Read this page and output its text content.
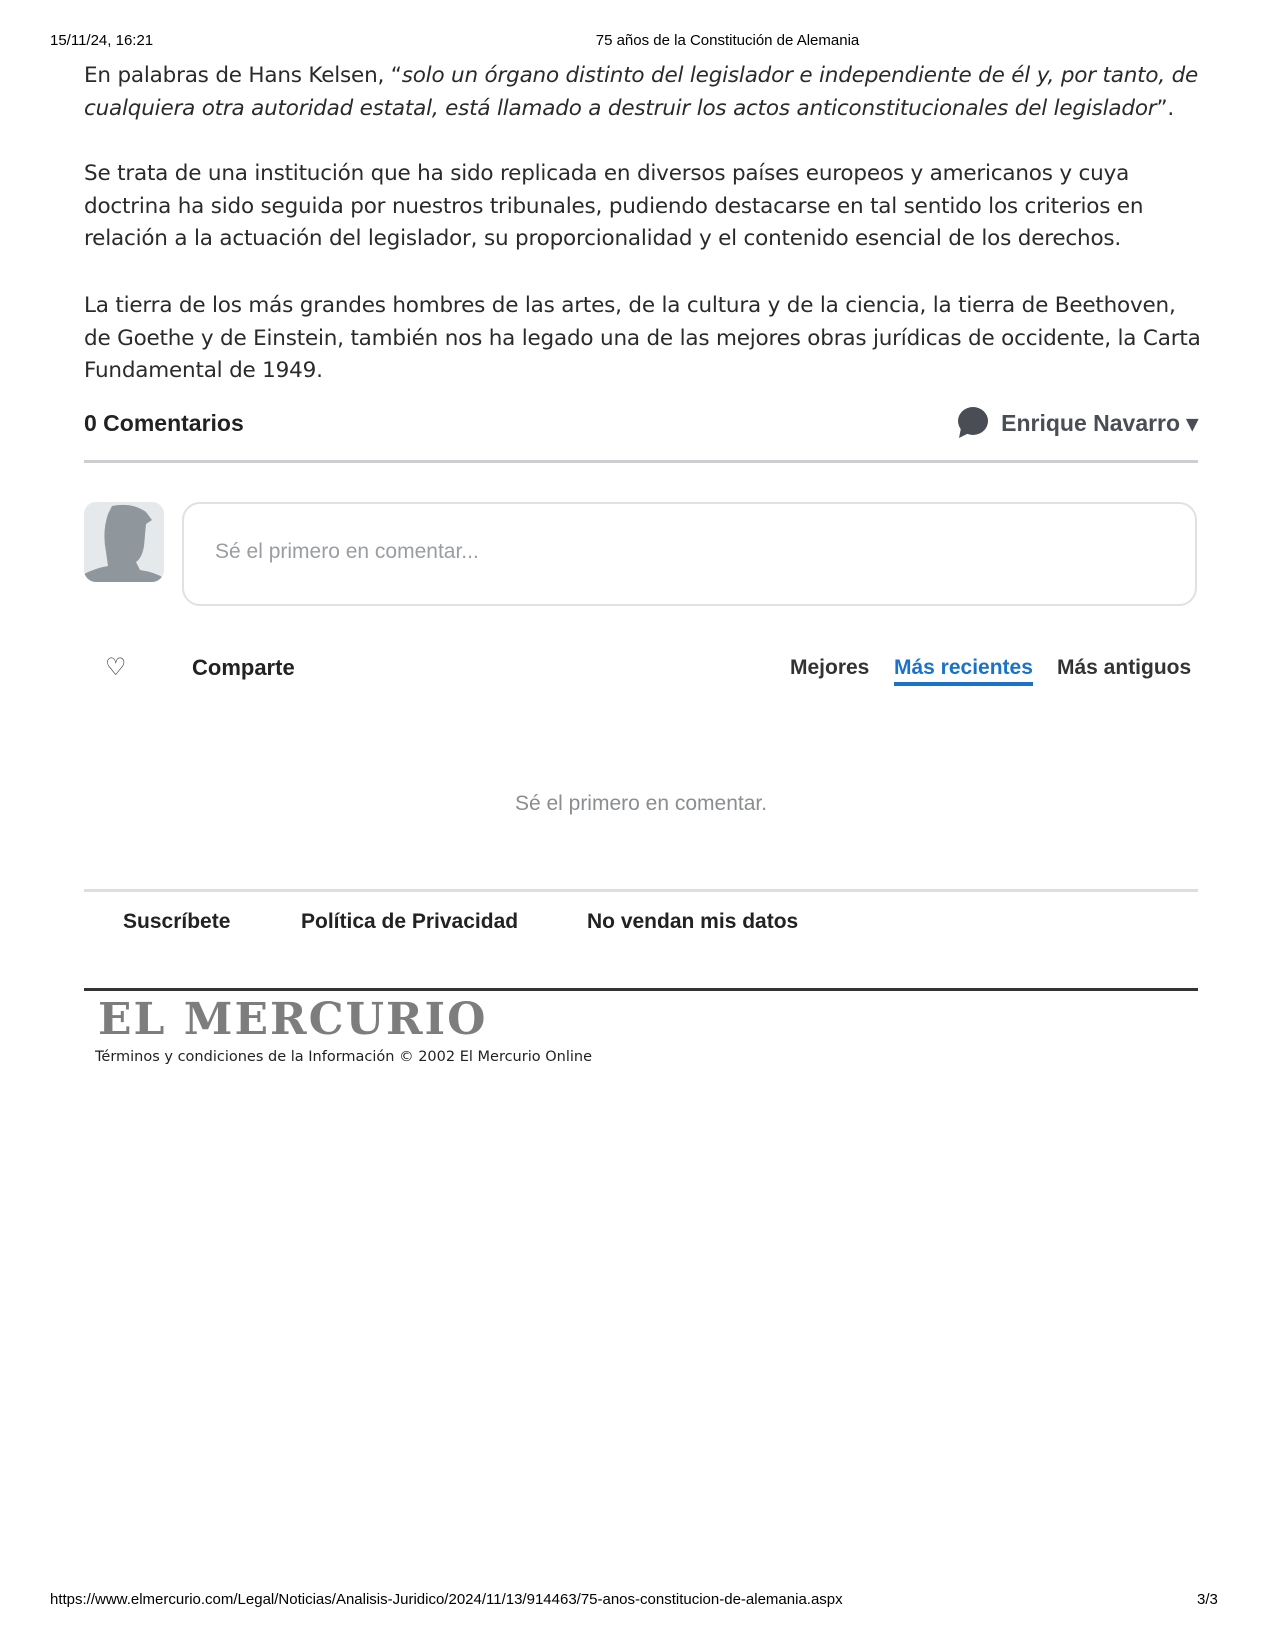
15/11/24, 16:21	75 años de la Constitución de Alemania

En palabras de Hans Kelsen, “solo un órgano distinto del legislador e independiente de él y, por tanto, de cualquiera otra autoridad estatal, está llamado a destruir los actos anticonstitucionales del legislador”.

Se trata de una institución que ha sido replicada en diversos países europeos y americanos y cuya doctrina ha sido seguida por nuestros tribunales, pudiendo destacarse en tal sentido los criterios en relación a la actuación del legislador, su proporcionalidad y el contenido esencial de los derechos.

La tierra de los más grandes hombres de las artes, de la cultura y de la ciencia, la tierra de Beethoven, de Goethe y de Einstein, también nos ha legado una de las mejores obras jurídicas de occidente, la Carta Fundamental de 1949.

0 Comentarios	Enrique Navarro ▾
Sé el primero en comentar...
♡	Comparte	Mejores Más recientes Más antiguos
Sé el primero en comentar.
Suscríbete	Política de Privacidad	No vendan mis datos
EL MERCURIO
Términos y condiciones de la Información © 2002 El Mercurio Online
https://www.elmercurio.com/Legal/Noticias/Analisis-Juridico/2024/11/13/914463/75-anos-constitucion-de-alemania.aspx	3/3
